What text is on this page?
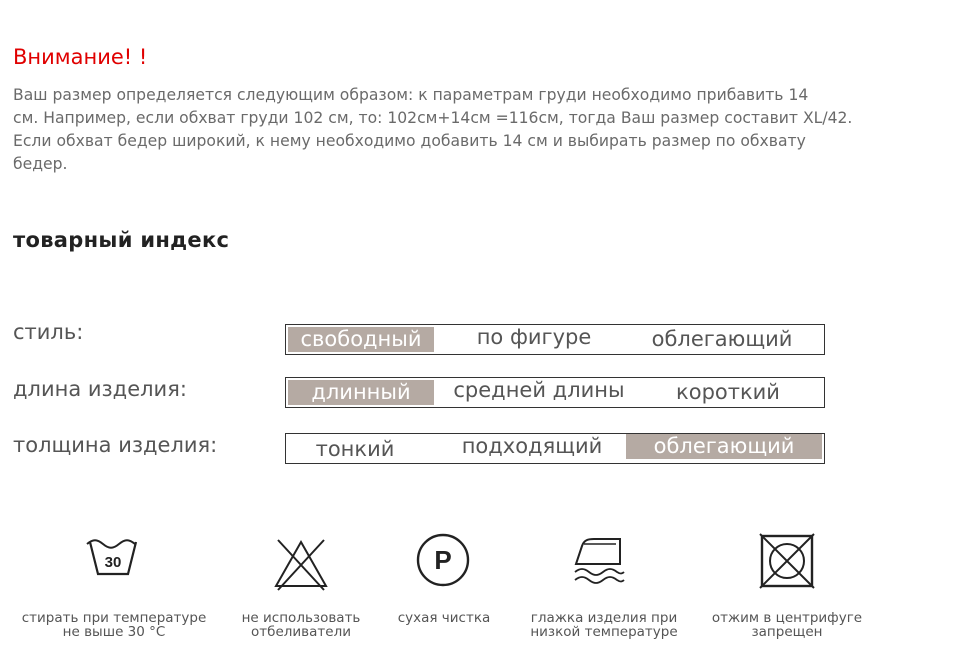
Внимание! !

Ваш размер определяется следующим образом: к параметрам груди необходимо прибавить 14
см. Например, если обхват груди 102 см, то: 102см+14см =116см, тогда Ваш размер составит XL/42.
Если обхват бедер широкий, к нему необходимо добавить 14 см и выбирать размер по обхвату
бедер.

товарный индекс
стиль:	свободный	по фигуре	облегающий
длина изделия:	длинный	средней длины	короткий
толщина изделия:	тонкий	подходящий	облегающий
30
стирать при температуре
не выше 30 °C
не использовать
отбеливатели
P
сухая чистка	глажка изделия при
низкой температуре
отжим в центрифуге
запрещен
